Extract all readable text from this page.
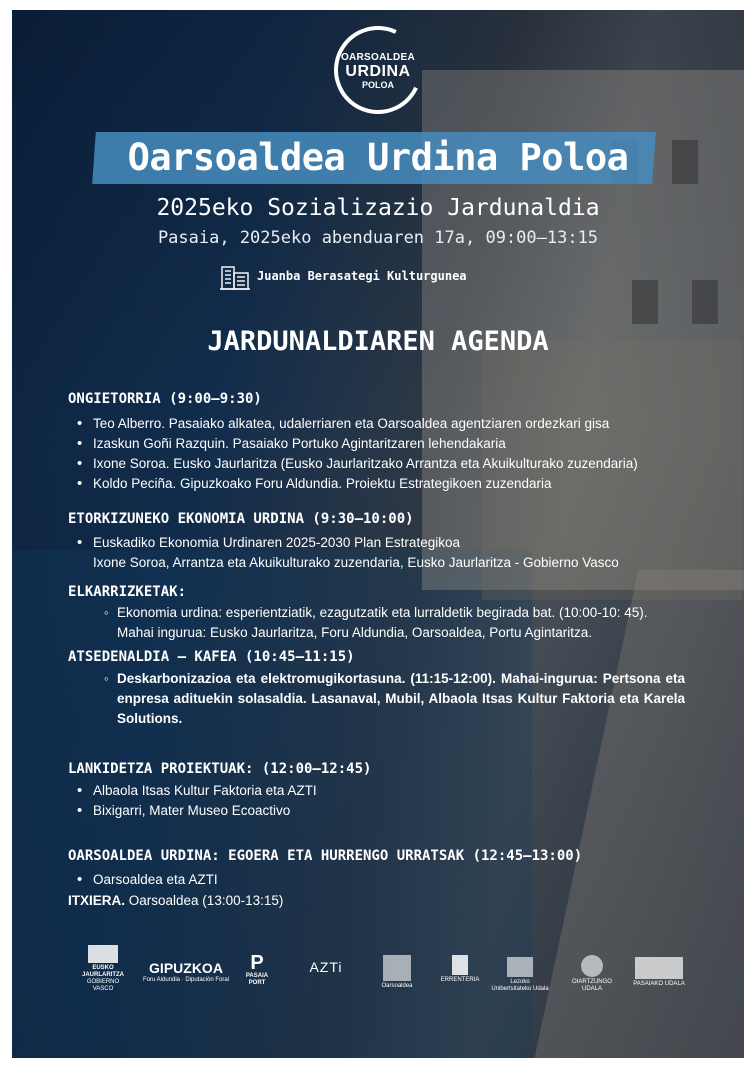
OARSOALDEA
URDINA
POLOA
Oarsoaldea Urdina Poloa
2025eko Sozializazio Jardunaldia
Pasaia, 2025eko abenduaren 17a, 09:00–13:15
Juanba Berasategi Kulturgunea
JARDUNALDIAREN AGENDA
ONGIETORRIA (9:00–9:30)
• Teo Alberro. Pasaiako alkatea, udalerriaren eta Oarsoaldea agentziaren ordezkari gisa
• Izaskun Goñi Razquin. Pasaiako Portuko Agintaritzaren lehendakaria
• Ixone Soroa. Eusko Jaurlaritza (Eusko Jaurlaritzako Arrantza eta Akuikulturako zuzendaria)
• Koldo Peciña. Gipuzkoako Foru Aldundia. Proiektu Estrategikoen zuzendaria
ETORKIZUNEKO EKONOMIA URDINA (9:30–10:00)
• Euskadiko Ekonomia Urdinaren 2025-2030 Plan Estrategikoa
Ixone Soroa, Arrantza eta Akuikulturako zuzendaria, Eusko Jaurlaritza - Gobierno Vasco
ELKARRIZKETAK:
◦ Ekonomia urdina: esperientziatik, ezagutzatik eta lurraldetik begirada bat. (10:00-10: 45).
Mahai ingurua: Eusko Jaurlaritza, Foru Aldundia, Oarsoaldea, Portu Agintaritza.
ATSEDENALDIA – KAFEA (10:45–11:15)
◦ Deskarbonizazioa eta elektromugikortasuna. (11:15-12:00). Mahai-ingurua: Pertsona eta enpresa adituekin solasaldia. Lasanaval, Mubil, Albaola Itsas Kultur Faktoria eta Karela Solutions.
LANKIDETZA PROIEKTUAK: (12:00–12:45)
• Albaola Itsas Kultur Faktoria eta AZTI
• Bixigarri, Mater Museo Ecoactivo
OARSOALDEA URDINA: EGOERA ETA HURRENGO URRATSAK (12:45–13:00)
• Oarsoaldea eta AZTI
ITXIERA. Oarsoaldea (13:00-13:15)
EUSKO JAURLARITZA
GOBIERNO VASCO
GIPUZKOA
Foru Aldundia · Diputación Foral
P
PASAIA
PORT
AZTi
Oarsoaldea
ERRENTERIA	Lezoko Unibertsitateko Udala
OIARTZUNGO UDALA
PASAIAKO UDALA
